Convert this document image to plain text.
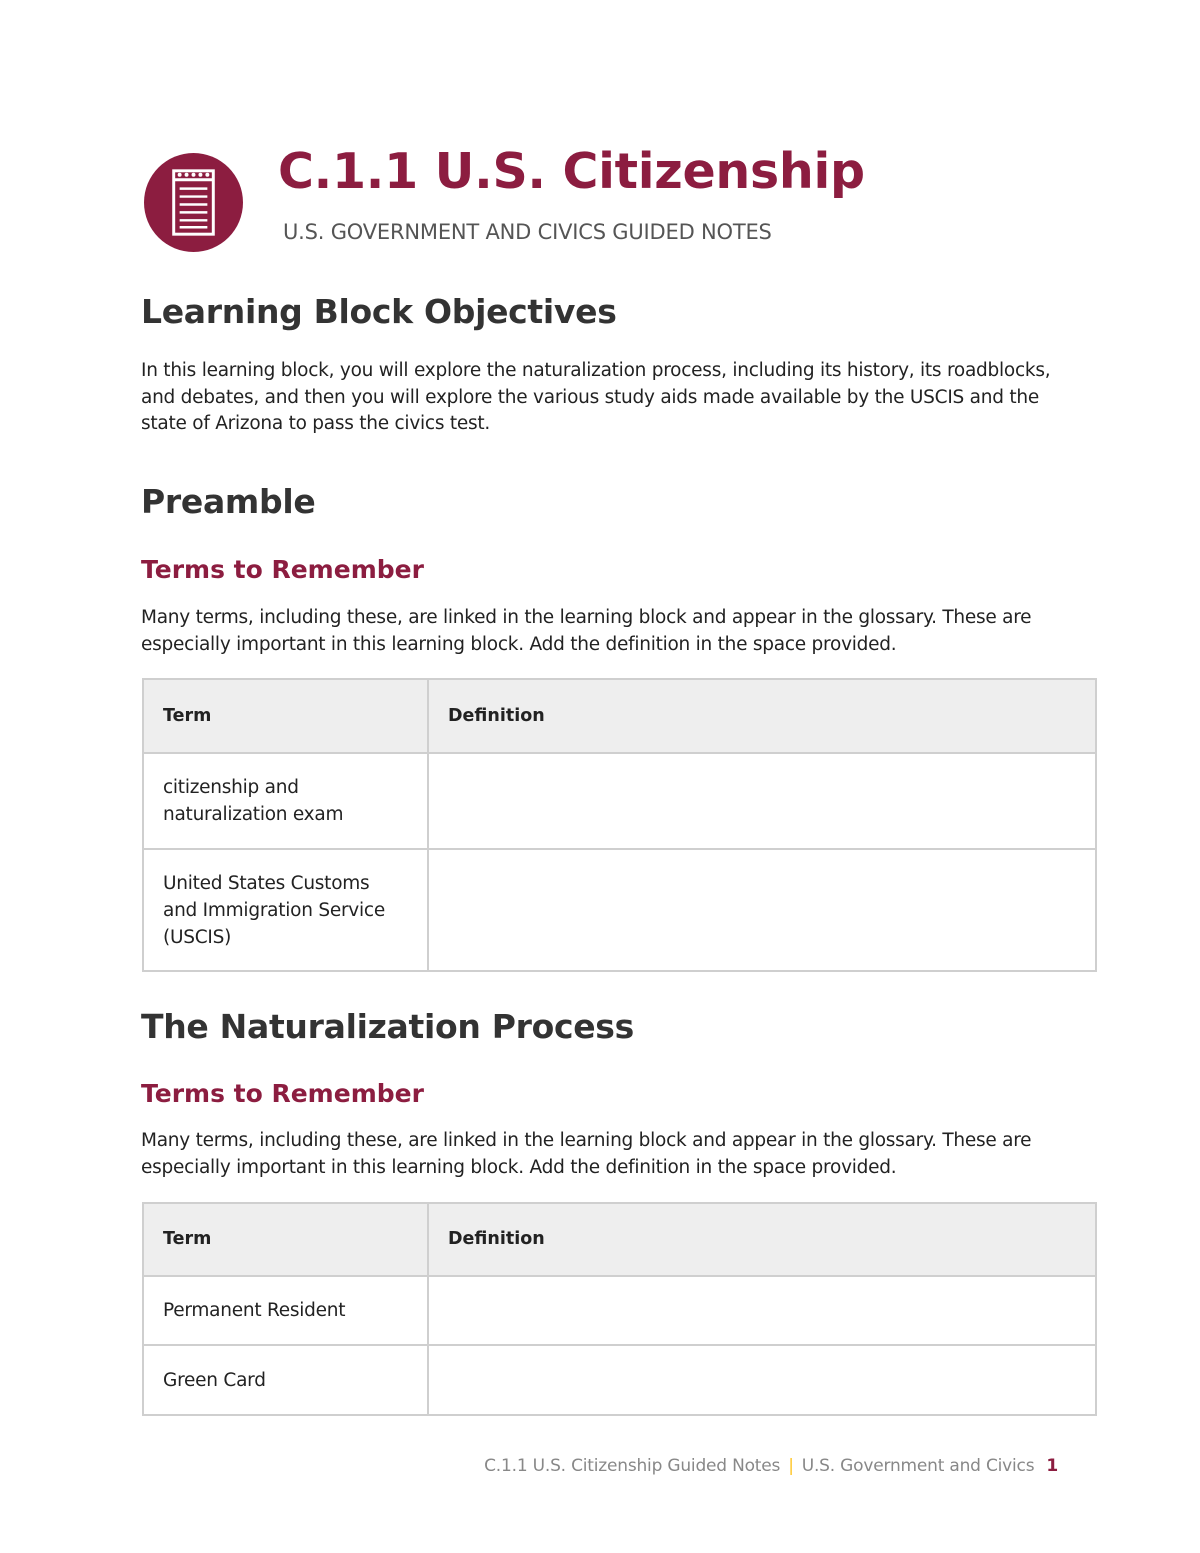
C.1.1 U.S. Citizenship

U.S. GOVERNMENT AND CIVICS GUIDED NOTES

Learning Block Objectives

In this learning block, you will explore the naturalization process, including its history, its roadblocks, and debates, and then you will explore the various study aids made available by the USCIS and the state of Arizona to pass the civics test.

Preamble
Terms to Remember

Many terms, including these, are linked in the learning block and appear in the glossary. These are especially important in this learning block. Add the definition in the space provided.

Term	Definition
citizenship and naturalization exam	
United States Customs and Immigration Service (USCIS)	
The Naturalization Process
Terms to Remember

Many terms, including these, are linked in the learning block and appear in the glossary. These are especially important in this learning block. Add the definition in the space provided.

Term	Definition
Permanent Resident	
Green Card	

C.1.1 U.S. Citizenship Guided Notes | U.S. Government and Civics 1
